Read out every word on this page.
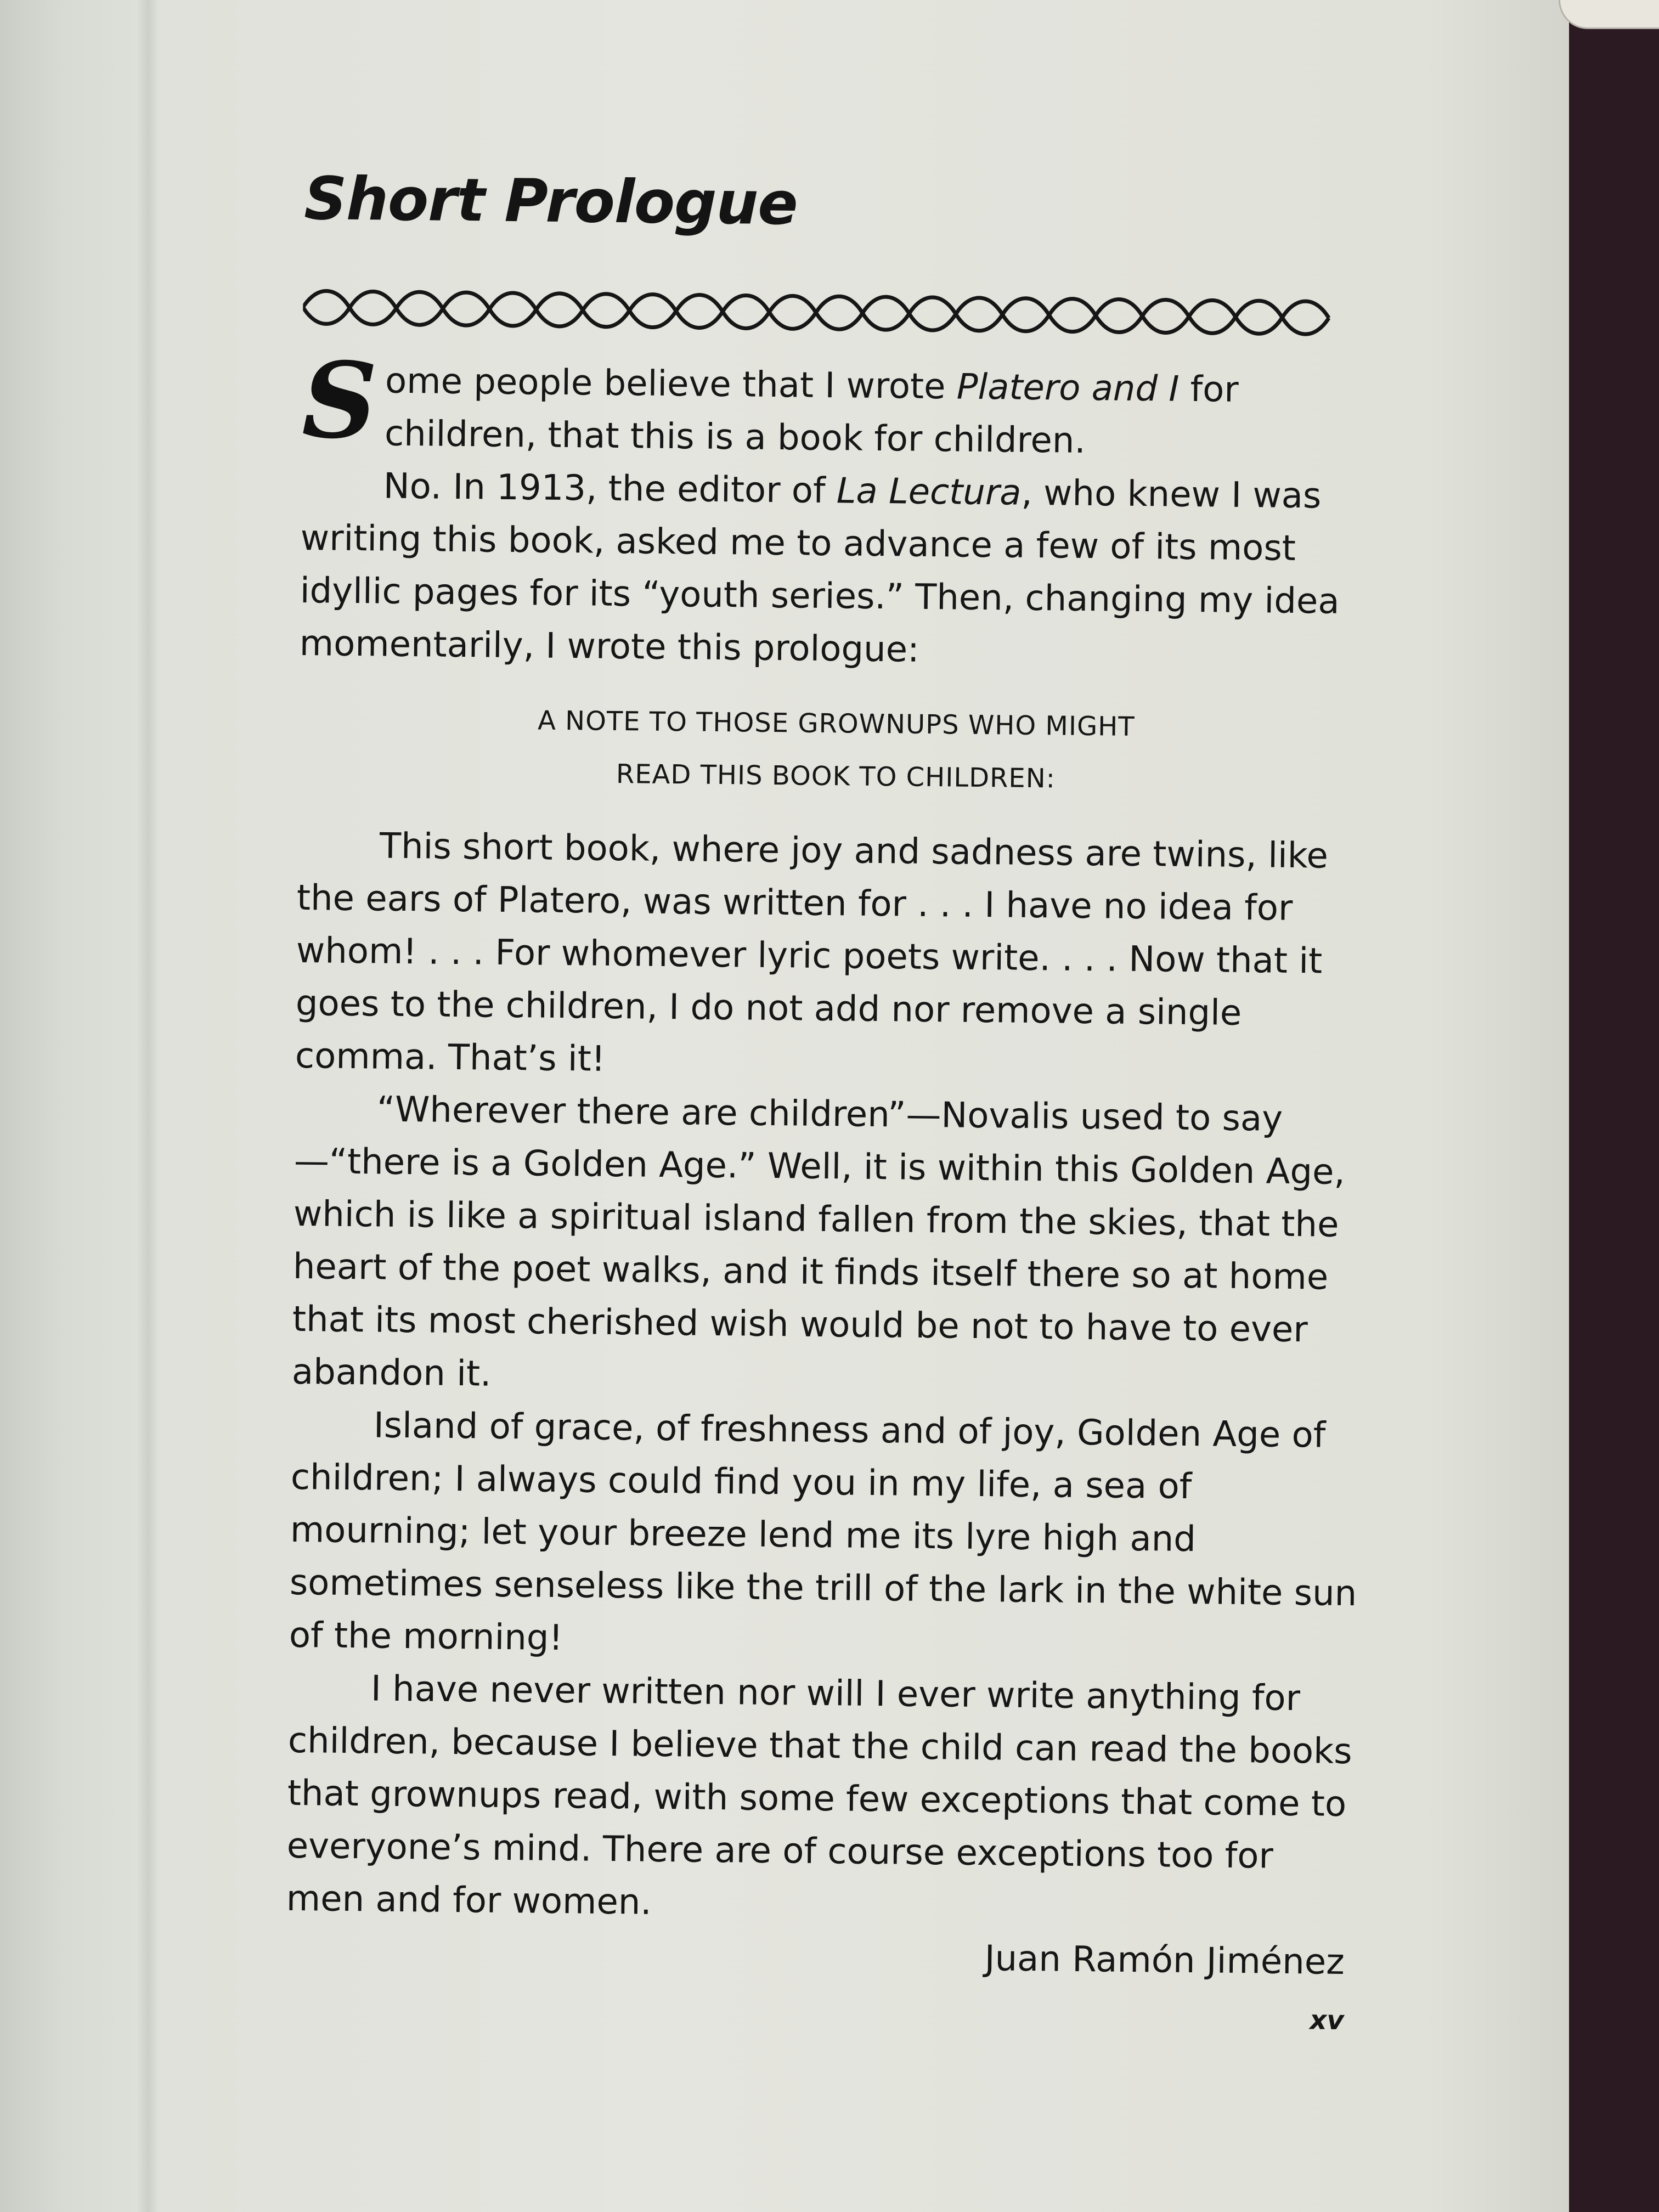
Short Prologue

Some people believe that I wrote Platero and I for children, that this is a book for children.

No. In 1913, the editor of La Lectura, who knew I was writing this book, asked me to advance a few of its most idyllic pages for its “youth series.” Then, changing my idea momentarily, I wrote this prologue:

A NOTE TO THOSE GROWNUPS WHO MIGHT
READ THIS BOOK TO CHILDREN:

This short book, where joy and sadness are twins, like the ears of Platero, was written for . . . I have no idea for whom! . . . For whomever lyric poets write. . . . Now that it goes to the children, I do not add nor remove a single comma. That’s it!

“Wherever there are children”—Novalis used to say—“there is a Golden Age.” Well, it is within this Golden Age, which is like a spiritual island fallen from the skies, that the heart of the poet walks, and it finds itself there so at home that its most cherished wish would be not to have to ever abandon it.

Island of grace, of freshness and of joy, Golden Age of children; I always could find you in my life, a sea of mourning; let your breeze lend me its lyre high and sometimes senseless like the trill of the lark in the white sun of the morning!

I have never written nor will I ever write anything for children, because I believe that the child can read the books that grownups read, with some few exceptions that come to everyone’s mind. There are of course exceptions too for men and for women.

Juan Ramón Jiménez
xv
